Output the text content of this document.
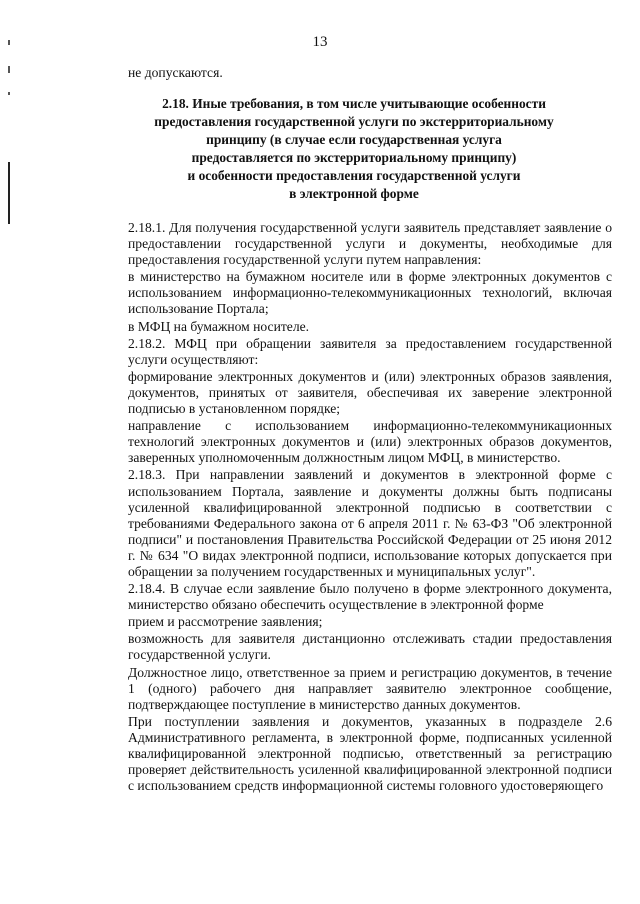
13
не допускаются.
2.18. Иные требования, в том числе учитывающие особенности
предоставления государственной услуги по экстерриториальному
принципу (в случае если государственная услуга
предоставляется по экстерриториальному принципу)
и особенности предоставления государственной услуги
в электронной форме

2.18.1. Для получения государственной услуги заявитель представляет заявление о предоставлении государственной услуги и документы, необходимые для предоставления государственной услуги путем направления:

в министерство на бумажном носителе или в форме электронных документов с использованием информационно-телекоммуникационных технологий, включая использование Портала;

в МФЦ на бумажном носителе.

2.18.2. МФЦ при обращении заявителя за предоставлением государственной услуги осуществляют:

формирование электронных документов и (или) электронных образов заявления, документов, принятых от заявителя, обеспечивая их заверение электронной подписью в установленном порядке;

направление с использованием информационно-телекоммуникационных технологий электронных документов и (или) электронных образов документов, заверенных уполномоченным должностным лицом МФЦ, в министерство.

2.18.3. При направлении заявлений и документов в электронной форме с использованием Портала, заявление и документы должны быть подписаны усиленной квалифицированной электронной подписью в соответствии с требованиями Федерального закона от 6 апреля 2011 г. № 63-ФЗ "Об электронной подписи" и постановления Правительства Российской Федерации от 25 июня 2012 г. № 634 "О видах электронной подписи, использование которых допускается при обращении за получением государственных и муниципальных услуг".

2.18.4. В случае если заявление было получено в форме электронного документа, министерство обязано обеспечить осуществление в электронной форме

прием и рассмотрение заявления;

возможность для заявителя дистанционно отслеживать стадии предоставления государственной услуги.

Должностное лицо, ответственное за прием и регистрацию документов, в течение 1 (одного) рабочего дня направляет заявителю электронное сообщение, подтверждающее поступление в министерство данных документов.

При поступлении заявления и документов, указанных в подразделе 2.6 Административного регламента, в электронной форме, подписанных усиленной квалифицированной электронной подписью, ответственный за регистрацию проверяет действительность усиленной квалифицированной электронной подписи с использованием средств информационной системы головного удостоверяющего
